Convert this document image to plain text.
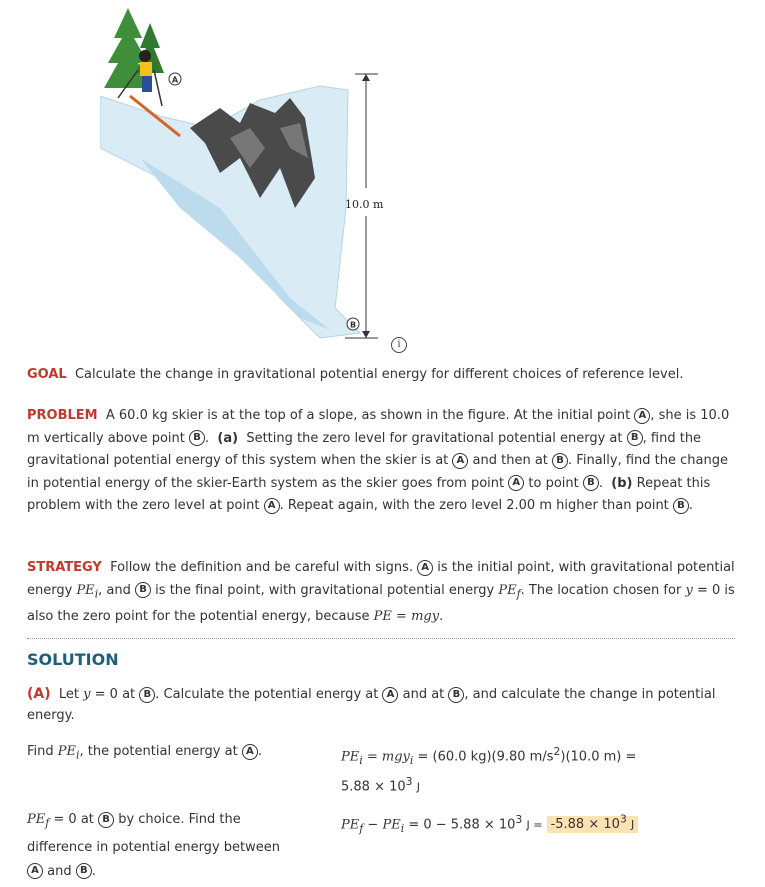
A
10.0 m
B
i

GOAL Calculate the change in gravitational potential energy for different choices of reference level.

PROBLEM A 60.0 kg skier is at the top of a slope, as shown in the figure. At the initial point A , she is 10.0 m vertically above point B . (a) Setting the zero level for gravitational potential energy at B , find the gravitational potential energy of this system when the skier is at A and then at B . Finally, find the change in potential energy of the skier-Earth system as the skier goes from point A to point B . (b) Repeat this problem with the zero level at point A . Repeat again, with the zero level 2.00 m higher than point B .

STRATEGY Follow the definition and be careful with signs. A is the initial point, with gravitational potential energy $PE_i$, and B is the final point, with gravitational potential energy $PE_f$. The location chosen for y = 0 is also the zero point for the potential energy, because PE = mgy.

SOLUTION

(A) Let y = 0 at B . Calculate the potential energy at A and at B , and calculate the change in potential energy.

Find $PE_i$, the potential energy at A .	$PE_i = mgy_i = (60.0$ kg)(9.80 $m/s^2)(10.0$ m) =
$5.88 \times 10^3$ J
$PE_f = 0$ at B by choice. Find the difference in potential energy between A and B .
$PE_f - PE_i = 0 - 5.88 \times 10^3$ $J = -5.88 \times 10^3$ J
